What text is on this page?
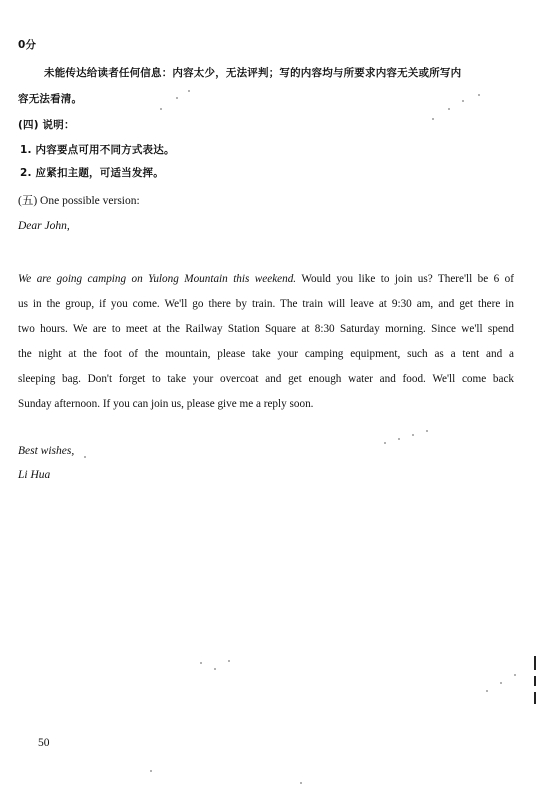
0分
未能传达给读者任何信息：内容太少，无法评判；写的内容均与所要求内容无关或所写内
容无法看清。
(四) 说明：
1. 内容要点可用不同方式表达。
2. 应紧扣主题，可适当发挥。
(五) One possible version:
Dear John,
We are going camping on Yulong Mountain this weekend. Would you like to join us? There'll be 6 of
us in the group, if you come. We'll go there by train. The train will leave at 9:30 am, and get there in
two hours. We are to meet at the Railway Station Square at 8:30 Saturday morning. Since we'll spend
the night at the foot of the mountain, please take your camping equipment, such as a tent and a
sleeping bag. Don't forget to take your overcoat and get enough water and food. We'll come back
Sunday afternoon. If you can join us, please give me a reply soon.
Best wishes,
Li Hua
50
